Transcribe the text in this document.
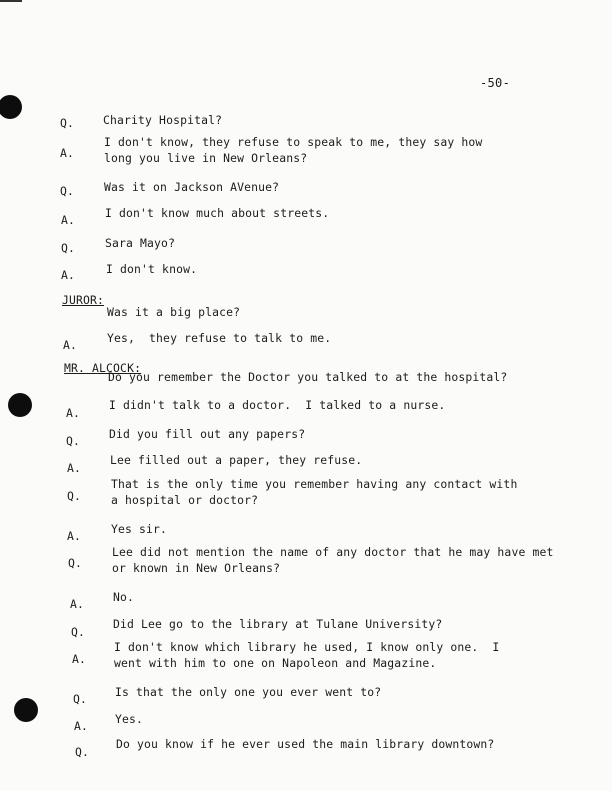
-50-
Q.	Charity Hospital?
A.
I don't know, they refuse to speak to me, they say how
long you live in New Orleans?
Q.	Was it on Jackson AVenue?
A.	I don't know much about streets.
Q.	Sara Mayo?
A.	I don't know.
JUROR:
Was it a big place?
A.	Yes,  they refuse to talk to me.
MR. ALCOCK:
Do you remember the Doctor you talked to at the hospital?
A.
I didn't talk to a doctor.  I talked to a nurse.
Q.	Did you fill out any papers?
A.
Lee filled out a paper, they refuse.
Q.
That is the only time you remember having any contact with
a hospital or doctor?
A.	Yes sir.
Q.
Lee did not mention the name of any doctor that he may have met
or known in New Orleans?
A.	No.
Q.
Did Lee go to the library at Tulane University?
A.
I don't know which library he used, I know only one.  I
went with him to one on Napoleon and Magazine.
Q. Is that the only one you ever went to?
A. Yes.
Q.
Do you know if he ever used the main library downtown?
